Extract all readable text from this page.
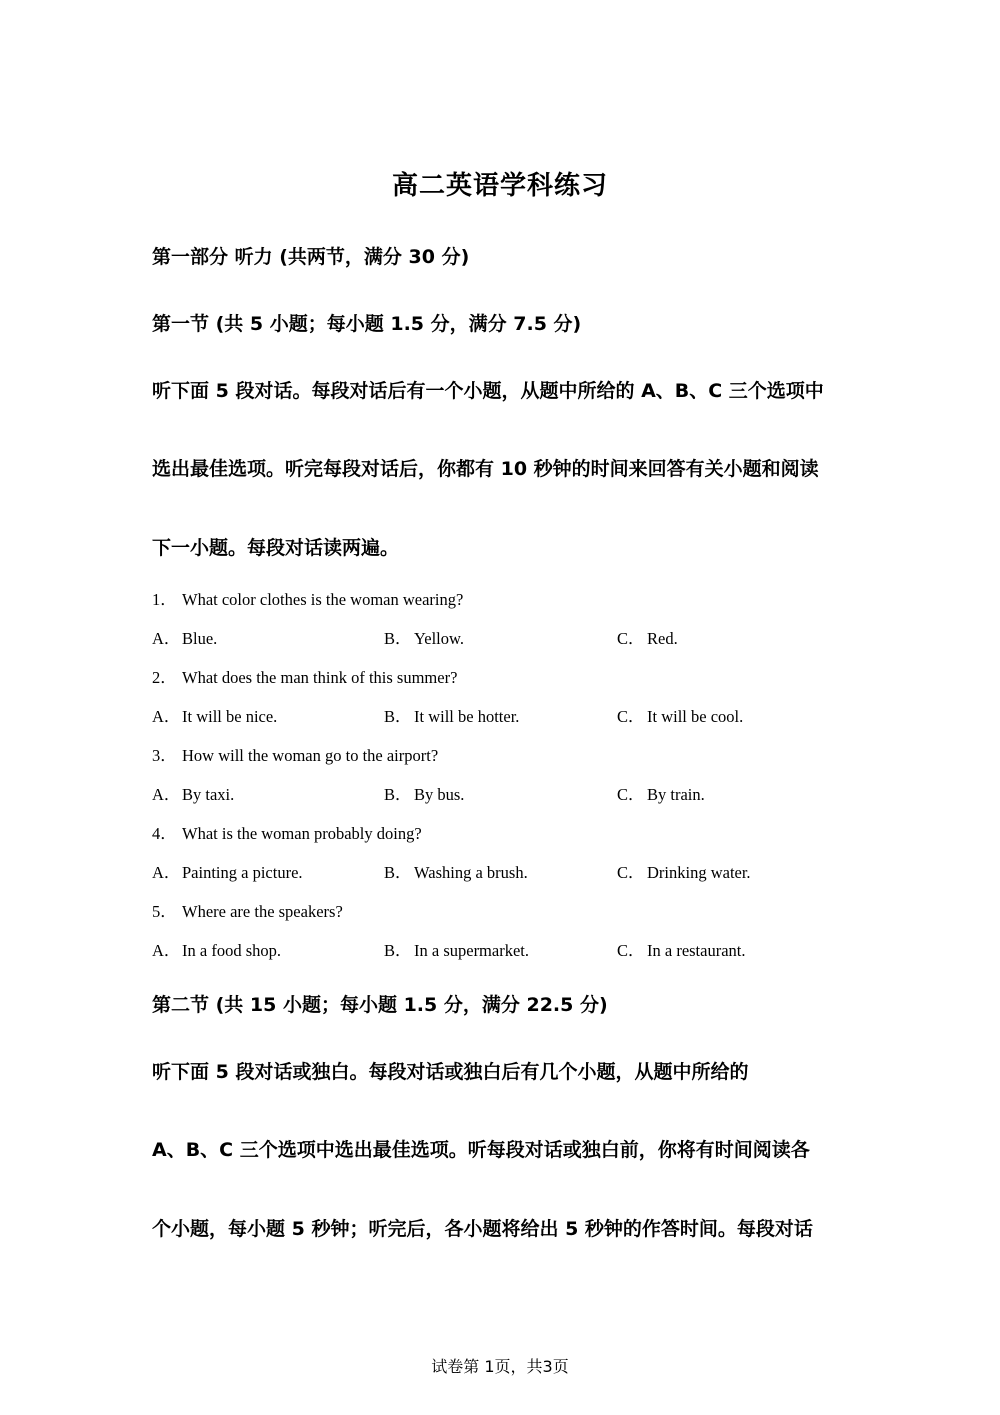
高二英语学科练习
第一部分 听力 (共两节，满分 30 分)
第一节 (共 5 小题；每小题 1.5 分，满分 7.5 分)
听下面 5 段对话。每段对话后有一个小题，从题中所给的 A、B、C 三个选项中
选出最佳选项。听完每段对话后，你都有 10 秒钟的时间来回答有关小题和阅读
下一小题。每段对话读两遍。
1． What color clothes is the woman wearing?
A．Blue.	B． Yellow.	C． Red.
2． What does the man think of this summer?
A．It will be nice.	B． It will be hotter.	C． It will be cool.
3． How will the woman go to the airport?
A．By taxi.	B． By bus.	C． By train.
4． What is the woman probably doing?
A．Painting a picture.	B． Washing a brush.	C． Drinking water.
5． Where are the speakers?
A．In a food shop.	B． In a supermarket.	C． In a restaurant.
第二节 (共 15 小题；每小题 1.5 分，满分 22.5 分)
听下面 5 段对话或独白。每段对话或独白后有几个小题，从题中所给的
A、B、C 三个选项中选出最佳选项。听每段对话或独白前，你将有时间阅读各
个小题，每小题 5 秒钟；听完后，各小题将给出 5 秒钟的作答时间。每段对话
试卷第 1页，共3页
